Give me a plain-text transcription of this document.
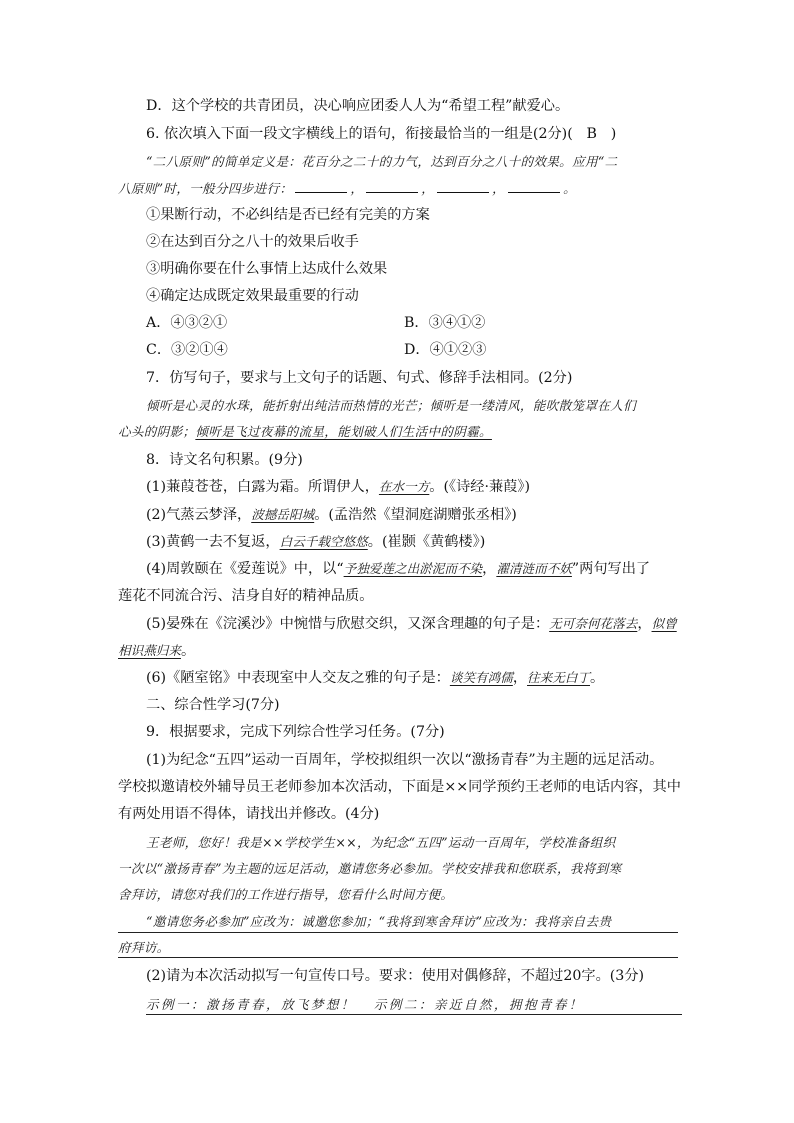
D．这个学校的共青团员，决心响应团委人人为“希望工程”献爱心。
6. 依次填入下面一段文字横线上的语句，衔接最恰当的一组是(2分)( B )
“二八原则”的简单定义是：花百分之二十的力气，达到百分之八十的效果。应用“二
八原则”时，一般分四步进行：	，	，	，	。
①果断行动，不必纠结是否已经有完美的方案
②在达到百分之八十的效果后收手
③明确你要在什么事情上达成什么效果
④确定达成既定效果最重要的行动
A．④③②①	B．③④①②
C．③②①④	D．④①②③
7．仿写句子，要求与上文句子的话题、句式、修辞手法相同。(2分)
倾听是心灵的水珠，能折射出纯洁而热情的光芒；倾听是一缕清风，能吹散笼罩在人们
心头的阴影；倾听是飞过夜幕的流星，能划破人们生活中的阴霾。
8．诗文名句积累。(9分)
(1)蒹葭苍苍，白露为霜。所谓伊人，在水一方。(《诗经·蒹葭》)
(2)气蒸云梦泽，波撼岳阳城。(孟浩然《望洞庭湖赠张丞相》)
(3)黄鹤一去不复返，白云千载空悠悠。(崔颢《黄鹤楼》)
(4)周敦颐在《爱莲说》中，以“予独爱莲之出淤泥而不染，濯清涟而不妖”两句写出了
莲花不同流合污、洁身自好的精神品质。
(5)晏殊在《浣溪沙》中惋惜与欣慰交织，又深含理趣的句子是：无可奈何花落去，似曾
相识燕归来。
(6)《陋室铭》中表现室中人交友之雅的句子是：谈笑有鸿儒，往来无白丁。
二、综合性学习(7分)
9．根据要求，完成下列综合性学习任务。(7分)
(1)为纪念“五四”运动一百周年，学校拟组织一次以“激扬青春”为主题的远足活动。
学校拟邀请校外辅导员王老师参加本次活动，下面是××同学预约王老师的电话内容，其中
有两处用语不得体，请找出并修改。(4分)
王老师，您好！我是××学校学生××，为纪念“五四”运动一百周年，学校准备组织
一次以“激扬青春”为主题的远足活动，邀请您务必参加。学校安排我和您联系，我将到寒
舍拜访，请您对我们的工作进行指导，您看什么时间方便。
“邀请您务必参加”应改为：诚邀您参加；“我将到寒舍拜访”应改为：我将亲自去贵
府拜访。
(2)请为本次活动拟写一句宣传口号。要求：使用对偶修辞，不超过20字。(3分)
示例一：激扬青春，放飞梦想！ 示例二：亲近自然，拥抱青春！
